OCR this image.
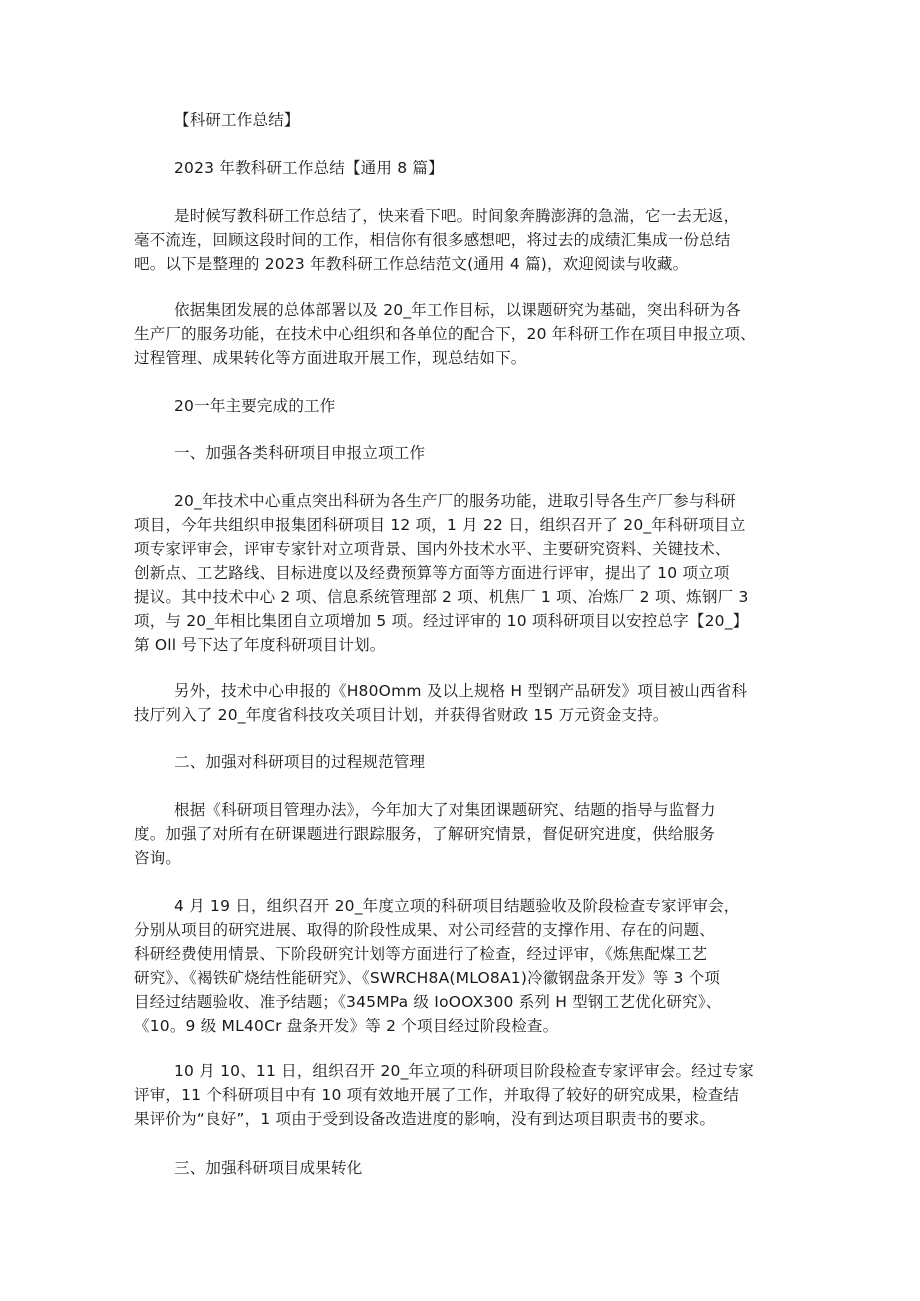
【科研工作总结】

2023 年教科研工作总结【通用 8 篇】

是时候写教科研工作总结了，快来看下吧。时间象奔腾澎湃的急湍，它一去无返，
毫不流连，回顾这段时间的工作，相信你有很多感想吧，将过去的成绩汇集成一份总结
吧。以下是整理的 2023 年教科研工作总结范文(通用 4 篇)，欢迎阅读与收藏。

依据集团发展的总体部署以及 20_年工作目标，以课题研究为基础，突出科研为各
生产厂的服务功能，在技术中心组织和各单位的配合下，20 年科研工作在项目申报立项、
过程管理、成果转化等方面进取开展工作，现总结如下。

20一年主要完成的工作

一、加强各类科研项目申报立项工作

20_年技术中心重点突出科研为各生产厂的服务功能，进取引导各生产厂参与科研
项目，今年共组织申报集团科研项目 12 项，1 月 22 日，组织召开了 20_年科研项目立
项专家评审会，评审专家针对立项背景、国内外技术水平、主要研究资料、关键技术、
创新点、工艺路线、目标进度以及经费预算等方面等方面进行评审，提出了 10 项立项
提议。其中技术中心 2 项、信息系统管理部 2 项、机焦厂 1 项、冶炼厂 2 项、炼钢厂 3
项，与 20_年相比集团自立项增加 5 项。经过评审的 10 项科研项目以安控总字【20_】
第 Oll 号下达了年度科研项目计划。

另外，技术中心申报的《H80Omm 及以上规格 H 型钢产品研发》项目被山西省科
技厅列入了 20_年度省科技攻关项目计划，并获得省财政 15 万元资金支持。

二、加强对科研项目的过程规范管理

根据《科研项目管理办法》，今年加大了对集团课题研究、结题的指导与监督力
度。加强了对所有在研课题进行跟踪服务，了解研究情景，督促研究进度，供给服务
咨询。

4 月 19 日，组织召开 20_年度立项的科研项目结题验收及阶段检查专家评审会，
分别从项目的研究进展、取得的阶段性成果、对公司经营的支撑作用、存在的问题、
科研经费使用情景、下阶段研究计划等方面进行了检查，经过评审，《炼焦配煤工艺
研究》、《褐铁矿烧结性能研究》、《SWRCH8A(MLO8A1)冷徽钢盘条开发》等 3 个项
目经过结题验收、准予结题；《345MPa 级 IoOOX300 系列 H 型钢工艺优化研究》、
《10。9 级 ML40Cr 盘条开发》等 2 个项目经过阶段检查。

10 月 10、11 日，组织召开 20_年立项的科研项目阶段检查专家评审会。经过专家
评审，11 个科研项目中有 10 项有效地开展了工作，并取得了较好的研究成果，检查结
果评价为“良好”，1 项由于受到设备改造进度的影响，没有到达项目职责书的要求。

三、加强科研项目成果转化
